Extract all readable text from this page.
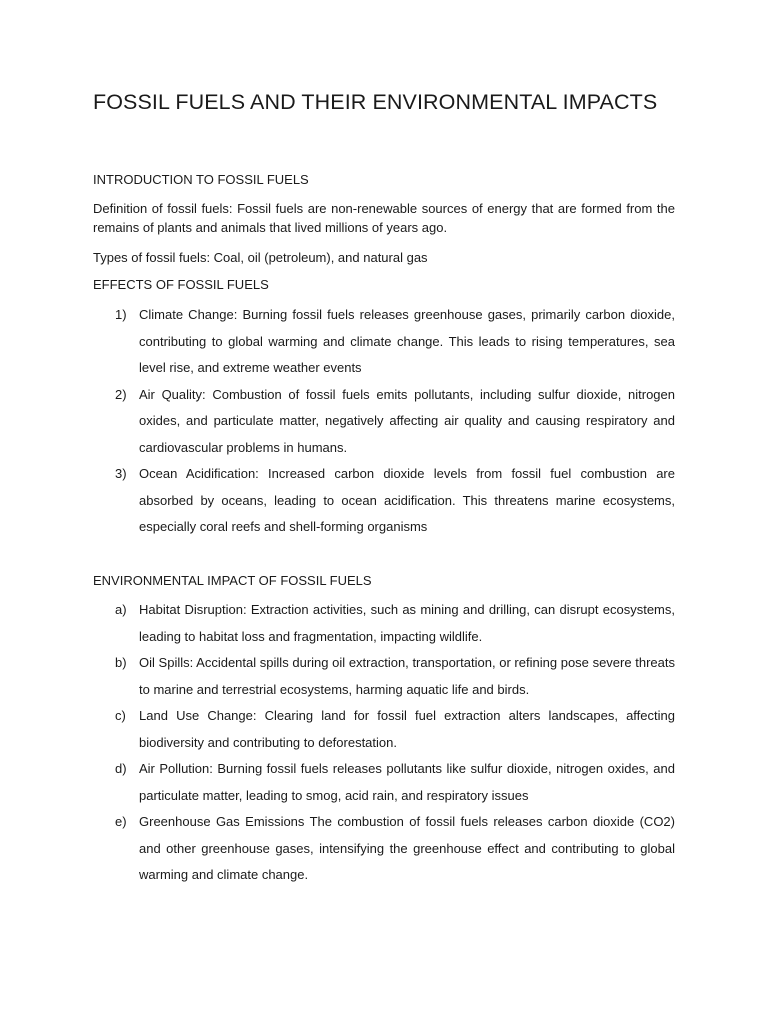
FOSSIL FUELS AND THEIR ENVIRONMENTAL IMPACTS
INTRODUCTION TO FOSSIL FUELS

Definition of fossil fuels: Fossil fuels are non-renewable sources of energy that are formed from the remains of plants and animals that lived millions of years ago.

Types of fossil fuels: Coal, oil (petroleum), and natural gas

EFFECTS OF FOSSIL FUELS
1) Climate Change: Burning fossil fuels releases greenhouse gases, primarily carbon dioxide, contributing to global warming and climate change. This leads to rising temperatures, sea level rise, and extreme weather events
2) Air Quality: Combustion of fossil fuels emits pollutants, including sulfur dioxide, nitrogen oxides, and particulate matter, negatively affecting air quality and causing respiratory and cardiovascular problems in humans.
3) Ocean Acidification: Increased carbon dioxide levels from fossil fuel combustion are absorbed by oceans, leading to ocean acidification. This threatens marine ecosystems, especially coral reefs and shell-forming organisms
ENVIRONMENTAL IMPACT OF FOSSIL FUELS
a) Habitat Disruption: Extraction activities, such as mining and drilling, can disrupt ecosystems, leading to habitat loss and fragmentation, impacting wildlife.
b) Oil Spills: Accidental spills during oil extraction, transportation, or refining pose severe threats to marine and terrestrial ecosystems, harming aquatic life and birds.
c) Land Use Change: Clearing land for fossil fuel extraction alters landscapes, affecting biodiversity and contributing to deforestation.
d) Air Pollution: Burning fossil fuels releases pollutants like sulfur dioxide, nitrogen oxides, and particulate matter, leading to smog, acid rain, and respiratory issues
e) Greenhouse Gas Emissions The combustion of fossil fuels releases carbon dioxide (CO2) and other greenhouse gases, intensifying the greenhouse effect and contributing to global warming and climate change.
